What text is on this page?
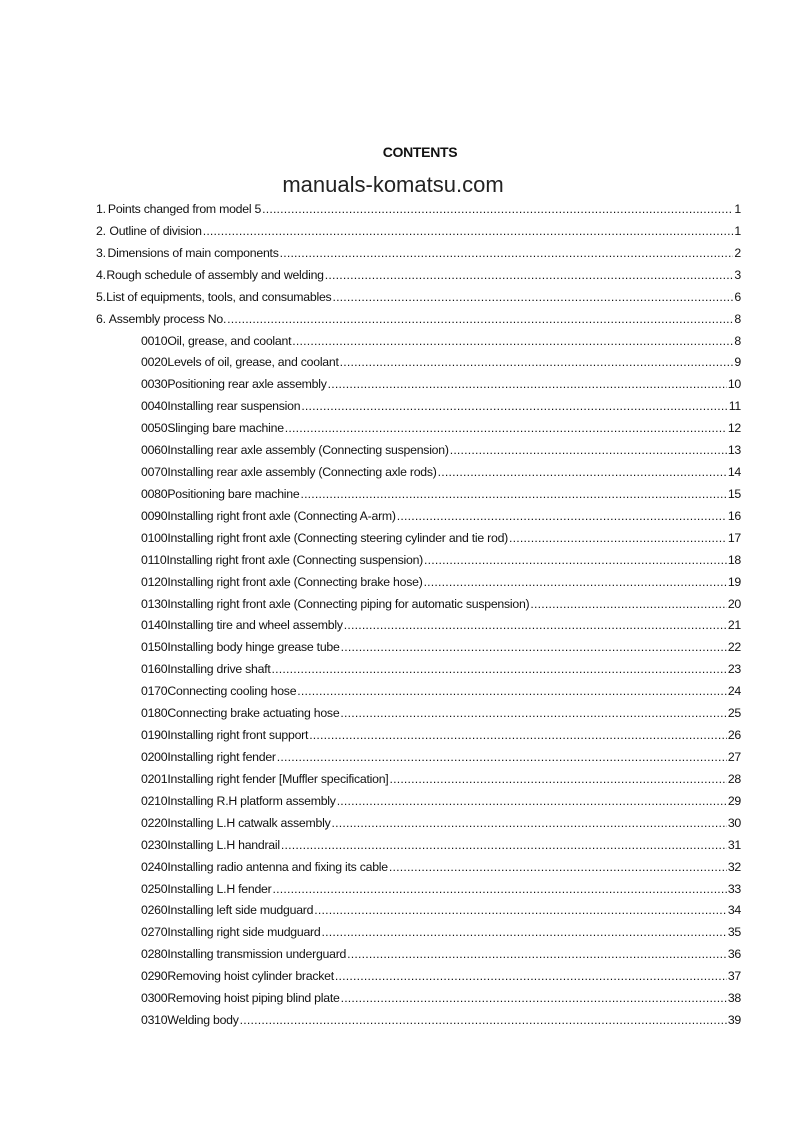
CONTENTS
manuals-komatsu.com
1. Points changed from model 5 .....	1
2. Outline of division .....	1
3. Dimensions of main components .....	2
4. Rough schedule of assembly and welding .....	3
5. List of equipments, tools, and consumables .....	6
6. Assembly process No. .....	8
0010 Oil, grease, and coolant .....	8
0020 Levels of oil, grease, and coolant .....	9
0030 Positioning rear axle assembly .....	10
0040 Installing rear suspension .....	11
0050 Slinging bare machine .....	12
0060 Installing rear axle assembly (Connecting suspension) .....	13
0070 Installing rear axle assembly (Connecting axle rods) .....	14
0080 Positioning bare machine .....	15
0090 Installing right front axle (Connecting A-arm) .....	16
0100 Installing right front axle (Connecting steering cylinder and tie rod) .....	17
0110 Installing right front axle (Connecting suspension) .....	18
0120 Installing right front axle (Connecting brake hose) .....	19
0130 Installing right front axle (Connecting piping for automatic suspension) .....	20
0140 Installing tire and wheel assembly .....	21
0150 Installing body hinge grease tube .....	22
0160 Installing drive shaft .....	23
0170 Connecting cooling hose .....	24
0180 Connecting brake actuating hose .....	25
0190 Installing right front support .....	26
0200 Installing right fender .....	27
0201 Installing right fender [Muffler specification] .....	28
0210 Installing R.H platform assembly .....	29
0220 Installing L.H catwalk assembly .....	30
0230 Installing L.H handrail .....	31
0240 Installing radio antenna and fixing its cable .....	32
0250 Installing L.H fender .....	33
0260 Installing left side mudguard .....	34
0270 Installing right side mudguard .....	35
0280 Installing transmission underguard .....	36
0290 Removing hoist cylinder bracket .....	37
0300 Removing hoist piping blind plate .....	38
0310 Welding body .....	39
